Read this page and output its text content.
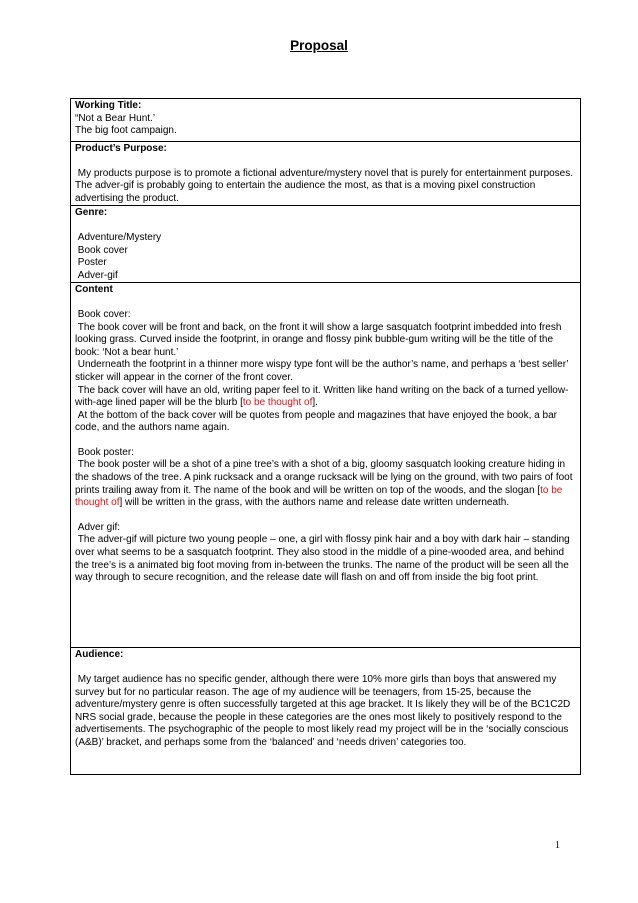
Proposal
Working Title:
“Not a Bear Hunt.’
The big foot campaign.

Product’s Purpose:
My products purpose is to promote a fictional adventure/mystery novel that is purely for entertainment purposes. The adver-gif is probably going to entertain the audience the most, as that is a moving pixel construction advertising the product.

Genre:
Adventure/Mystery
Book cover
Poster
Adver-gif

Content
Book cover:
The book cover will be front and back, on the front it will show a large sasquatch footprint imbedded into fresh looking grass. Curved inside the footprint, in orange and flossy pink bubble-gum writing will be the title of the book: ‘Not a bear hunt.’
Underneath the footprint in a thinner more wispy type font will be the author’s name, and perhaps a ‘best seller’ sticker will appear in the corner of the front cover.
The back cover will have an old, writing paper feel to it. Written like hand writing on the back of a turned yellow-with-age lined paper will be the blurb [to be thought of].
At the bottom of the back cover will be quotes from people and magazines that have enjoyed the book, a bar code, and the authors name again.
Book poster:
The book poster will be a shot of a pine tree’s with a shot of a big, gloomy sasquatch looking creature hiding in the shadows of the tree. A pink rucksack and a orange rucksack will be lying on the ground, with two pairs of foot prints trailing away from it. The name of the book and will be written on top of the woods, and the slogan [to be thought of] will be written in the grass, with the authors name and release date written underneath.
Adver gif:
The adver-gif will picture two young people – one, a girl with flossy pink hair and a boy with dark hair – standing over what seems to be a sasquatch footprint. They also stood in the middle of a pine-wooded area, and behind the tree’s is a animated big foot moving from in-between the trunks. The name of the product will be seen all the way through to secure recognition, and the release date will flash on and off from inside the big foot print.

Audience:
My target audience has no specific gender, although there were 10% more girls than boys that answered my survey but for no particular reason. The age of my audience will be teenagers, from 15-25, because the adventure/mystery genre is often successfully targeted at this age bracket. It Is likely they will be of the BC1C2D NRS social grade, because the people in these categories are the ones most likely to positively respond to the advertisements. The psychographic of the people to most likely read my project will be in the ‘socially conscious (A&B)’ bracket, and perhaps some from the ‘balanced’ and ‘needs driven’ categories too.
1
